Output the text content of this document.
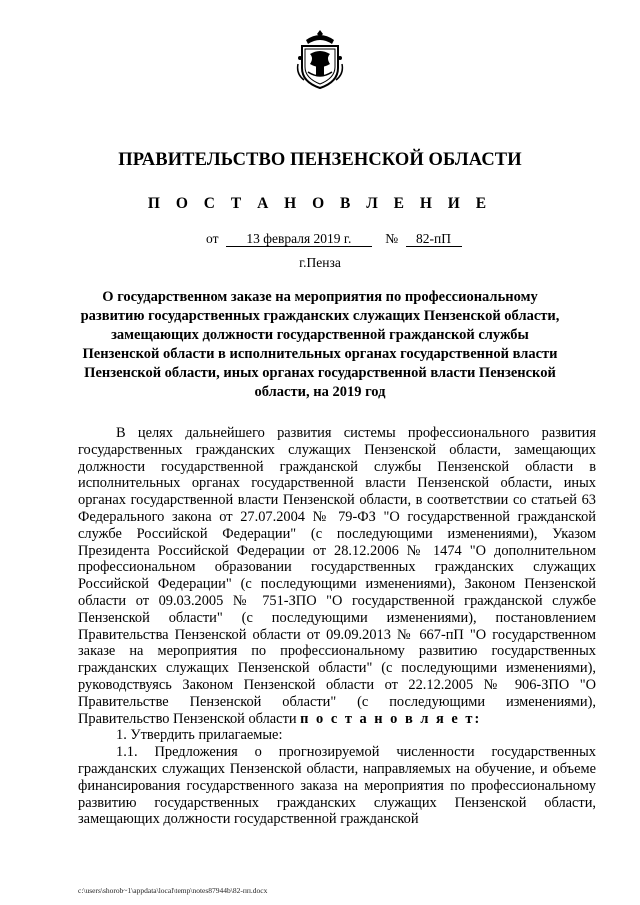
ПРАВИТЕЛЬСТВО ПЕНЗЕНСКОЙ ОБЛАСТИ
П О С Т А Н О В Л Е Н И Е
от 13 февраля 2019 г.	№ 82-пП
г.Пенза
О государственном заказе на мероприятия по профессиональному развитию государственных гражданских служащих Пензенской области, замещающих должности государственной гражданской службы Пензенской области в исполнительных органах государственной власти Пензенской области, иных органах государственной власти Пензенской области, на 2019 год

В целях дальнейшего развития системы профессионального развития государственных гражданских служащих Пензенской области, замещающих должности государственной гражданской службы Пензенской области в исполнительных органах государственной власти Пензенской области, иных органах государственной власти Пензенской области, в соответствии со статьей 63 Федерального закона от 27.07.2004 № 79-ФЗ "О государственной гражданской службе Российской Федерации" (с последующими изменениями), Указом Президента Российской Федерации от 28.12.2006 № 1474 "О дополнительном профессиональном образовании государственных гражданских служащих Российской Федерации" (с последующими изменениями), Законом Пензенской области от 09.03.2005 № 751-ЗПО "О государственной гражданской службе Пензенской области" (с последующими изменениями), постановлением Правительства Пензенской области от 09.09.2013 № 667-пП "О государственном заказе на мероприятия по профессиональному развитию государственных гражданских служащих Пензенской области" (с последующими изменениями), руководствуясь Законом Пензенской области от 22.12.2005 № 906-ЗПО "О Правительстве Пензенской области" (с последующими изменениями), Правительство Пензенской области п о с т а н о в л я е т:

1. Утвердить прилагаемые:

1.1. Предложения о прогнозируемой численности государственных гражданских служащих Пензенской области, направляемых на обучение, и объеме финансирования государственного заказа на мероприятия по профессиональному развитию государственных гражданских служащих Пензенской области, замещающих должности государственной гражданской

c:\users\shorob~1\appdata\local\temp\notes87944b\82-пп.docx
